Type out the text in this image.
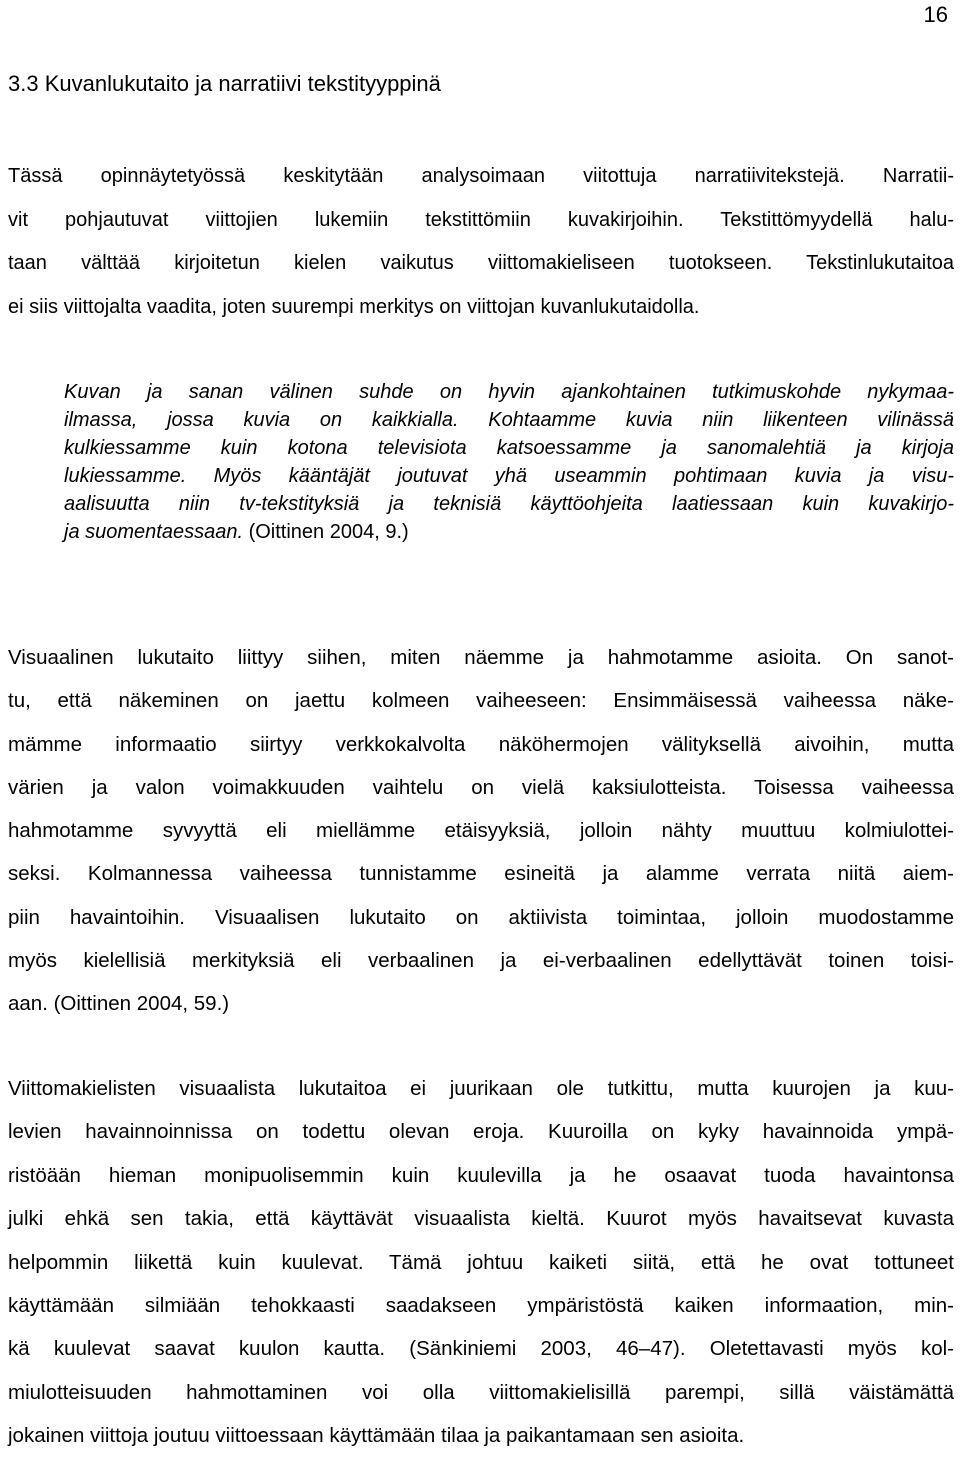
16
3.3 Kuvanlukutaito ja narratiivi tekstityyppinä
Tässä opinnäytetyössä keskitytään analysoimaan viitottuja narratiivitekstejä. Narratii-
vit pohjautuvat viittojien lukemiin tekstittömiin kuvakirjoihin. Tekstittömyydellä halu-
taan välttää kirjoitetun kielen vaikutus viittomakieliseen tuotokseen. Tekstinlukutaitoa
ei siis viittojalta vaadita, joten suurempi merkitys on viittojan kuvanlukutaidolla.
Kuvan ja sanan välinen suhde on hyvin ajankohtainen tutkimuskohde nykymaa-
ilmassa, jossa kuvia on kaikkialla. Kohtaamme kuvia niin liikenteen vilinässä
kulkiessamme kuin kotona televisiota katsoessamme ja sanomalehtiä ja kirjoja
lukiessamme. Myös kääntäjät joutuvat yhä useammin pohtimaan kuvia ja visu-
aalisuutta niin tv-tekstityksiä ja teknisiä käyttöohjeita laatiessaan kuin kuvakirjo-
ja suomentaessaan. (Oittinen 2004, 9.)
Visuaalinen lukutaito liittyy siihen, miten näemme ja hahmotamme asioita. On sanot-
tu, että näkeminen on jaettu kolmeen vaiheeseen: Ensimmäisessä vaiheessa näke-
mämme informaatio siirtyy verkkokalvolta näköhermojen välityksellä aivoihin, mutta
värien ja valon voimakkuuden vaihtelu on vielä kaksiulotteista. Toisessa vaiheessa
hahmotamme syvyyttä eli miellämme etäisyyksiä, jolloin nähty muuttuu kolmiulottei-
seksi. Kolmannessa vaiheessa tunnistamme esineitä ja alamme verrata niitä aiem-
piin havaintoihin. Visuaalisen lukutaito on aktiivista toimintaa, jolloin muodostamme
myös kielellisiä merkityksiä eli verbaalinen ja ei-verbaalinen edellyttävät toinen toisi-
aan. (Oittinen 2004, 59.)
Viittomakielisten visuaalista lukutaitoa ei juurikaan ole tutkittu, mutta kuurojen ja kuu-
levien havainnoinnissa on todettu olevan eroja. Kuuroilla on kyky havainnoida ympä-
ristöään hieman monipuolisemmin kuin kuulevilla ja he osaavat tuoda havaintonsa
julki ehkä sen takia, että käyttävät visuaalista kieltä. Kuurot myös havaitsevat kuvasta
helpommin liikettä kuin kuulevat. Tämä johtuu kaiketi siitä, että he ovat tottuneet
käyttämään silmiään tehokkaasti saadakseen ympäristöstä kaiken informaation, min-
kä kuulevat saavat kuulon kautta. (Sänkiniemi 2003, 46–47). Oletettavasti myös kol-
miulotteisuuden hahmottaminen voi olla viittomakielisillä parempi, sillä väistämättä
jokainen viittoja joutuu viittoessaan käyttämään tilaa ja paikantamaan sen asioita.
